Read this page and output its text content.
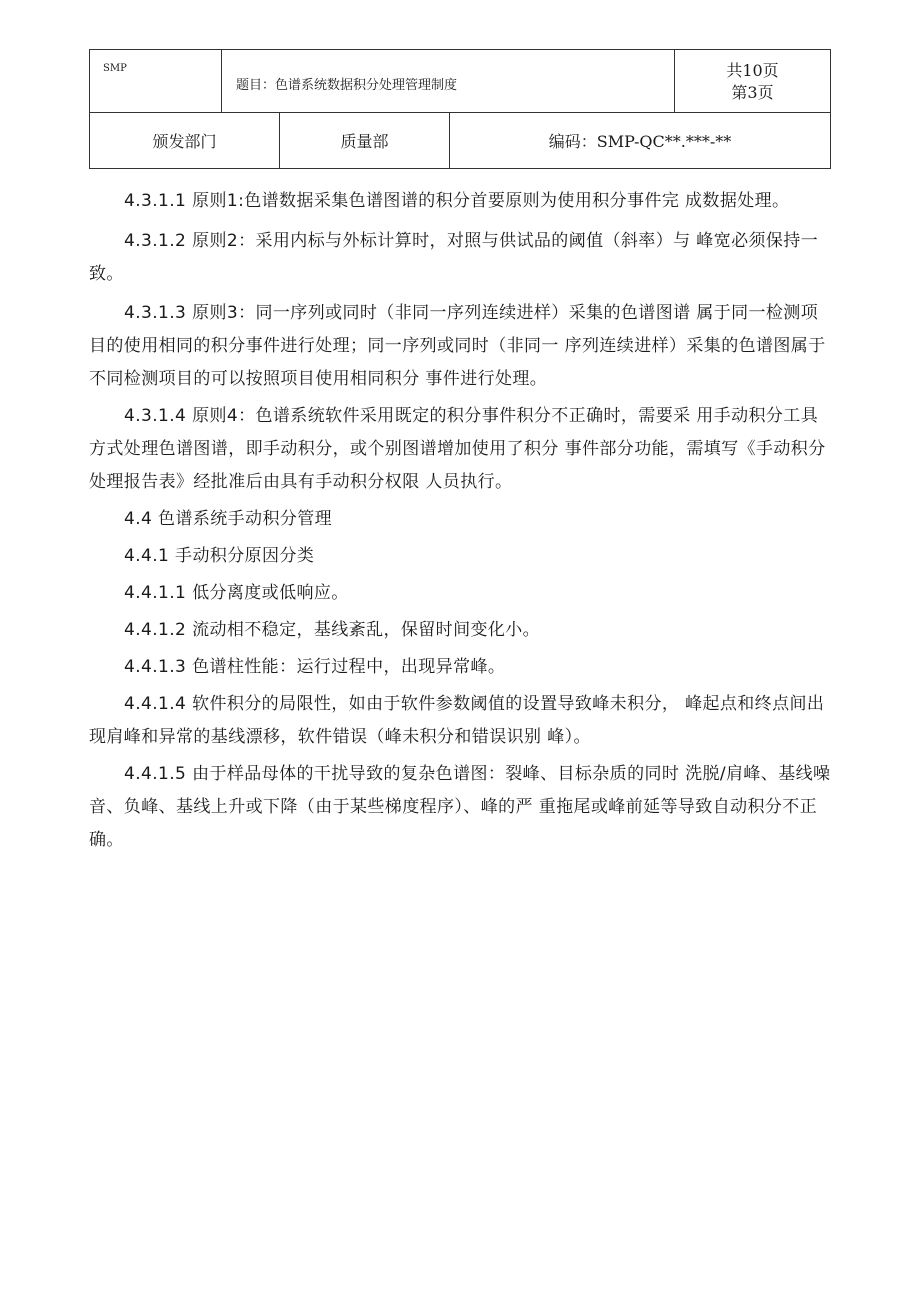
SMP
题目：色谱系统数据积分处理管理制度
共10页
第3页
颁发部门	质量部	编码：SMP-QC**.***-**

4.3.1.1 原则1:色谱数据采集色谱图谱的积分首要原则为使用积分事件完 成数据处理。

4.3.1.2 原则2：采用内标与外标计算时，对照与供试品的阈值（斜率）与 峰宽必须保持一致。

4.3.1.3 原则3：同一序列或同时（非同一序列连续进样）采集的色谱图谱 属于同一检测项目的使用相同的积分事件进行处理；同一序列或同时（非同一 序列连续进样）采集的色谱图属于不同检测项目的可以按照项目使用相同积分 事件进行处理。

4.3.1.4 原则4：色谱系统软件采用既定的积分事件积分不正确时，需要采 用手动积分工具方式处理色谱图谱，即手动积分，或个别图谱增加使用了积分 事件部分功能，需填写《手动积分处理报告表》经批准后由具有手动积分权限 人员执行。

4.4 色谱系统手动积分管理

4.4.1 手动积分原因分类

4.4.1.1 低分离度或低响应。

4.4.1.2 流动相不稳定，基线紊乱，保留时间变化小。

4.4.1.3 色谱柱性能：运行过程中，出现异常峰。

4.4.1.4 软件积分的局限性，如由于软件参数阈值的设置导致峰未积分， 峰起点和终点间出现肩峰和异常的基线漂移，软件错误（峰未积分和错误识别 峰）。

4.4.1.5 由于样品母体的干扰导致的复杂色谱图：裂峰、目标杂质的同时 洗脱/肩峰、基线噪音、负峰、基线上升或下降（由于某些梯度程序）、峰的严 重拖尾或峰前延等导致自动积分不正确。
